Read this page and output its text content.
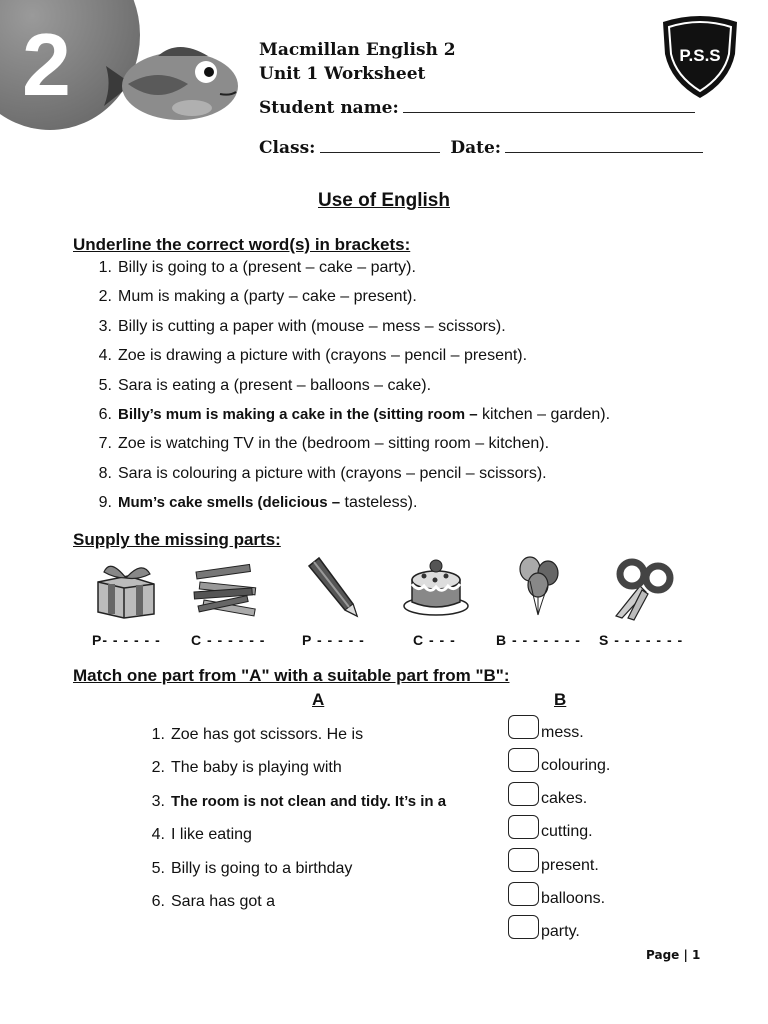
2	Macmillan English 2
Unit 1 Worksheet
Student name:
Class:	Date:
P.S.S
Use of English
Underline the correct word(s) in brackets:
1. Billy is going to a (present – cake – party).
2. Mum is making a (party – cake – present).
3. Billy is cutting a paper with (mouse – mess – scissors).
4. Zoe is drawing a picture with (crayons – pencil – present).
5. Sara is eating a (present – balloons – cake).
6. Billy’s mum is making a cake in the (sitting room – kitchen – garden).
7. Zoe is watching TV in the (bedroom – sitting room – kitchen).
8. Sara is colouring a picture with (crayons – pencil – scissors).
9. Mum’s cake smells (delicious – tasteless).
Supply the missing parts:
P- - - - - - C - - - - - -	P - - - - -	C - - -	B - - - - - - - S - - - - - - -
Match one part from "A" with a suitable part from "B":
A	B
1. Zoe has got scissors. He is
2. The baby is playing with
3. The room is not clean and tidy. It’s in a
4. I like eating
5. Billy is going to a birthday
6. Sara has got a
mess.
colouring.
cakes.
cutting.
present.
balloons.
party.
Page | 1
